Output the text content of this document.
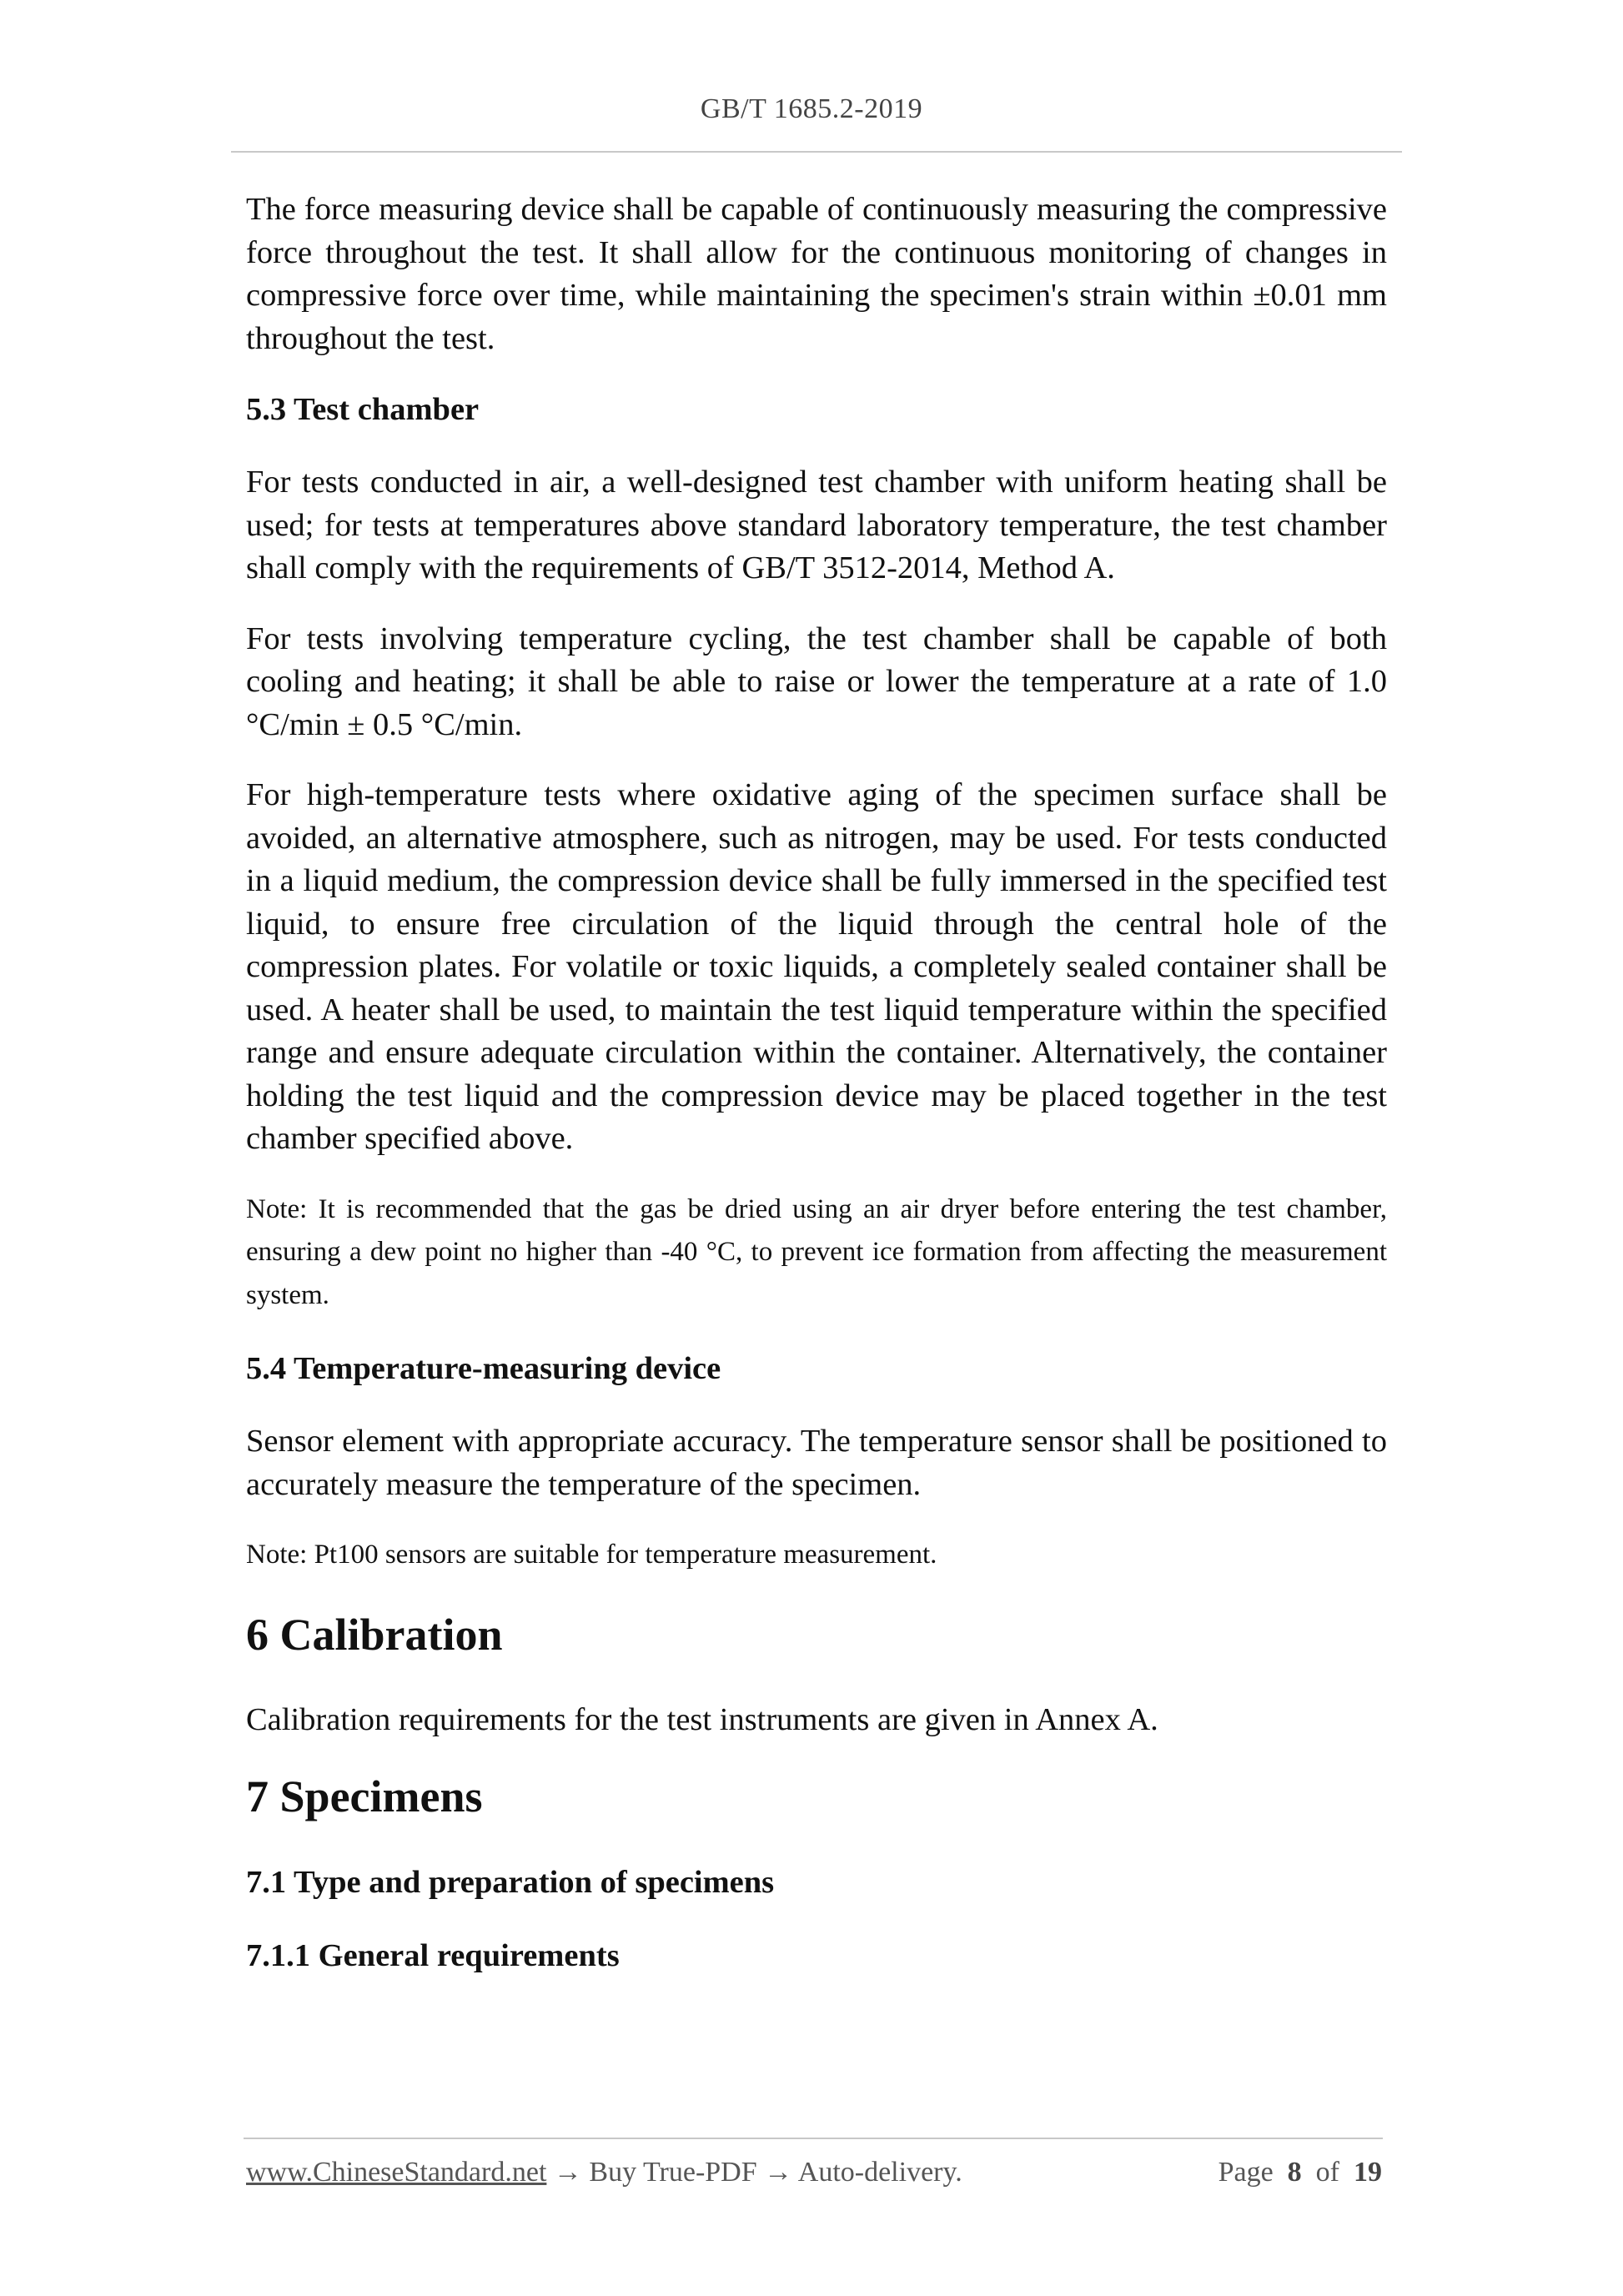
GB/T 1685.2-2019

The force measuring device shall be capable of continuously measuring the compressive force throughout the test. It shall allow for the continuous monitoring of changes in compressive force over time, while maintaining the specimen's strain within ±0.01 mm throughout the test.

5.3 Test chamber

For tests conducted in air, a well-designed test chamber with uniform heating shall be used; for tests at temperatures above standard laboratory temperature, the test chamber shall comply with the requirements of GB/T 3512-2014, Method A.

For tests involving temperature cycling, the test chamber shall be capable of both cooling and heating; it shall be able to raise or lower the temperature at a rate of 1.0 °C/min ± 0.5 °C/min.

For high-temperature tests where oxidative aging of the specimen surface shall be avoided, an alternative atmosphere, such as nitrogen, may be used. For tests conducted in a liquid medium, the compression device shall be fully immersed in the specified test liquid, to ensure free circulation of the liquid through the central hole of the compression plates. For volatile or toxic liquids, a completely sealed container shall be used. A heater shall be used, to maintain the test liquid temperature within the specified range and ensure adequate circulation within the container. Alternatively, the container holding the test liquid and the compression device may be placed together in the test chamber specified above.

Note: It is recommended that the gas be dried using an air dryer before entering the test chamber, ensuring a dew point no higher than -40 °C, to prevent ice formation from affecting the measurement system.

5.4 Temperature-measuring device

Sensor element with appropriate accuracy. The temperature sensor shall be positioned to accurately measure the temperature of the specimen.

Note: Pt100 sensors are suitable for temperature measurement.

6 Calibration

Calibration requirements for the test instruments are given in Annex A.

7 Specimens
7.1 Type and preparation of specimens
7.1.1 General requirements
www.ChineseStandard.net → Buy True-PDF → Auto-delivery.	Page 8 of 19
